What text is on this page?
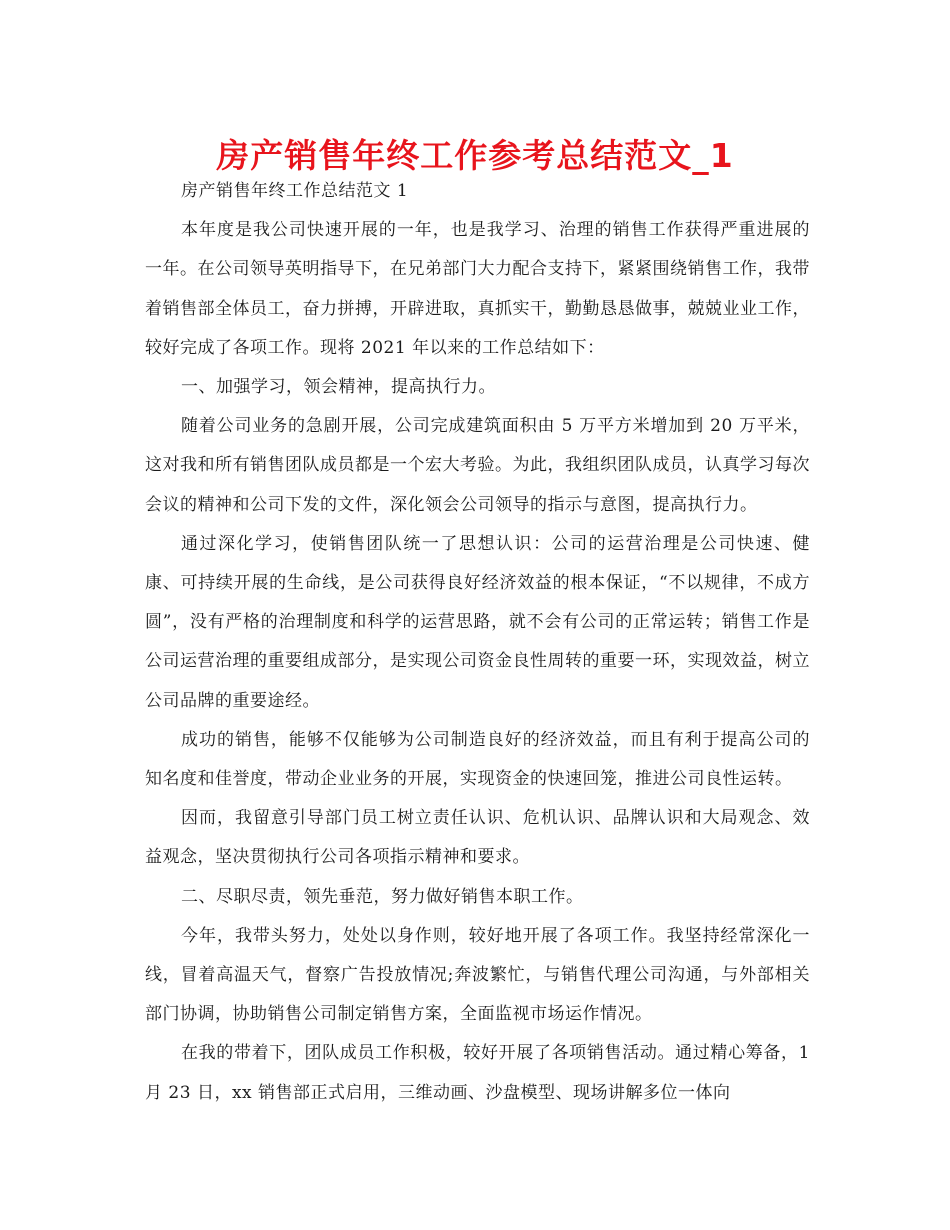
房产销售年终工作参考总结范文_1

房产销售年终工作总结范文 1

本年度是我公司快速开展的一年，也是我学习、治理的销售工作获得严重进展的一年。在公司领导英明指导下，在兄弟部门大力配合支持下，紧紧围绕销售工作，我带着销售部全体员工，奋力拼搏，开辟进取，真抓实干，勤勤恳恳做事，兢兢业业工作，较好完成了各项工作。现将 2021 年以来的工作总结如下：

一、加强学习，领会精神，提高执行力。

随着公司业务的急剧开展，公司完成建筑面积由 5 万平方米增加到 20 万平米，这对我和所有销售团队成员都是一个宏大考验。为此，我组织团队成员，认真学习每次会议的精神和公司下发的文件，深化领会公司领导的指示与意图，提高执行力。

通过深化学习，使销售团队统一了思想认识：公司的运营治理是公司快速、健康、可持续开展的生命线，是公司获得良好经济效益的根本保证，“不以规律，不成方圆”，没有严格的治理制度和科学的运营思路，就不会有公司的正常运转；销售工作是公司运营治理的重要组成部分，是实现公司资金良性周转的重要一环，实现效益，树立公司品牌的重要途经。

成功的销售，能够不仅能够为公司制造良好的经济效益，而且有利于提高公司的知名度和佳誉度，带动企业业务的开展，实现资金的快速回笼，推进公司良性运转。

因而，我留意引导部门员工树立责任认识、危机认识、品牌认识和大局观念、效益观念，坚决贯彻执行公司各项指示精神和要求。

二、尽职尽责，领先垂范，努力做好销售本职工作。

今年，我带头努力，处处以身作则，较好地开展了各项工作。我坚持经常深化一线，冒着高温天气，督察广告投放情况;奔波繁忙，与销售代理公司沟通，与外部相关部门协调，协助销售公司制定销售方案，全面监视市场运作情况。

在我的带着下，团队成员工作积极，较好开展了各项销售活动。通过精心筹备，1 月 23 日，xx 销售部正式启用，三维动画、沙盘模型、现场讲解多位一体向
